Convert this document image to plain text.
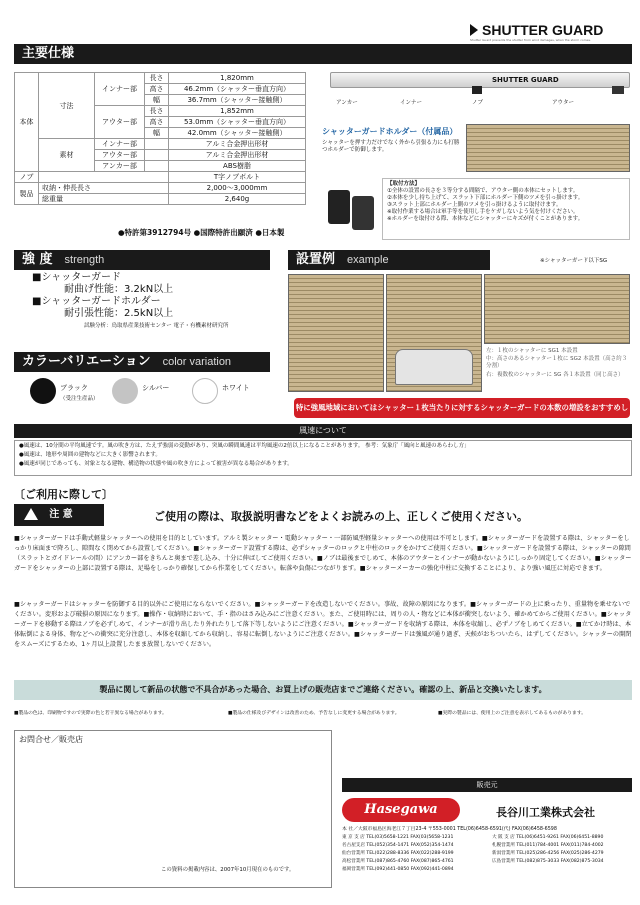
SHUTTER GUARD
Shutter Guard prevents the shutter from wind damages, when the storm comes.
主要仕様
本体	寸法	インナー部	長さ	1,820mm
			高さ	46.2mm（シャッター垂直方向）
			幅	36.7mm（シャッター接触側）
		アウター部	長さ	1,852mm
			高さ	53.0mm（シャッター垂直方向）
			幅	42.0mm（シャッター接触側）
	素材	インナー部		アルミ合金押出形材
		アウター部		アルミ合金押出形材
		アンカー部		ABS樹脂
ノブ				T字ノブボルト
製品	収納・伸長長さ			2,000～3,000mm
	総重量			2,640g
●特許第3912794号 ●国際特許出願済 ●日本製
SHUTTER GUARD
アンカー	インナー	ノブ	アウター
シャッターガードホルダー（付属品）
シャッターを押す力だけでなく外から引張る力にも打勝つホルダーで防御します。
【取付方法】
①全体の設置の長さを３等分する間隔で、アウター側の本体にセットします。
②本体を少し持ち上げて、スラット下部にホルダー下側のツメを引っ掛けます。
③スラット上部にホルダー上側のツメを引っ掛けるように取付けます。
※取付作業する場合は軍手等を使用し手をケガしないよう気を付けください。
※ホルダーを取付ける際、本体などにシャッターにキズが付くことがあります。
強 度 strength
■シャッターガード
耐曲げ性能：3.2kN以上
■シャッターガードホルダー
耐引張性能：2.5kN以上
試験分析：鳥取県産業技術センター 電子・有機素材研究所
カラーバリエーション color variation
ブラック
（受注生産品）
シルバー	ホワイト
設置例 example	※シャッターガード以下SG
左：１枚のシャッターに SG1 本設置
中：高さのあるシャッター１枚に SG2 本設置（高さ約３分割）
右：複数枚のシャッターに SG 各１本設置（同じ高さ）
特に強風地域においてはシャッター１枚当たりに対するシャッターガードの本数の増設をおすすめし
風速について
●風速は、10分間の平均風速です。風の吹き方は、たえず強弱の変動があり、突風の瞬間風速は平均風速の2倍以上になることがあります。 参考：気象庁「風向と風速のあらわし方」
●風速は、地形や周囲の建物などに大きく影響されます。
●風速が同じであっても、対象となる建物、構造物の状態や風の吹き方によって被害が異なる場合があります。
〔ご利用に際して〕
注 意	ご使用の際は、取扱説明書などをよくお読みの上、正しくご使用ください。
■シャッターガードは手動式軽量シャッターへの使用を目的としています。アルミ製シャッター・電動シャッター・一部防風型軽量シャッターへの使用は不可とします。■シャッターガードを設置する際は、シャッターをしっかり床面まで降ろし、隙間なく閉めてから設置してください。■シャッターガード設置する際は、必ずシャッターのロックと中柱のロックをかけてご使用ください。■シャッターガードを設置する際は、シャッターの隙間（スラットとガイドレールの間）にアンカー部をきちんと奥まで差し込み、十分に伸ばしてご使用ください。■ノブは最後までしめて、本体のアウターとインナーが動かないようにしっかり固定してください。■シャッターガードをシャッターの上部に設置する際は、足場をしっかり確保してから作業をしてください。転落や負傷につながります。■シャッターメーカーの強化中柱に交換することにより、より強い風圧に対応できます。
■シャッターガードはシャッターを防御する目的以外にご使用にならないでください。■シャッターガードを改造しないでください。事故、故障の原因になります。■シャッターガードの上に乗ったり、重量物を乗せないでください。変形および破損の原因になります。■操作・収納時において、手・指のはさみ込みにご注意ください。また、ご使用時には、周りの人・物などに本体が衝突しないよう、確かめてからご使用ください。■シャッターガードを移動する際はノブを必ずしめて、インナーが滑り出したり外れたりして落下等しないようにご注意ください。■シャッターガードを収納する際は、本体を収縮し、必ずノブをしめてください。■立てかけ時は、本体転倒による身体、物などへの衝突に充分注意し、本体を収縮してから収納し、容易に転倒しないようにご注意ください。■シャッターガードは強風が通り過ぎ、天候がおちついたら、はずしてください。シャッターの開閉をスムーズにするため、1ヶ月以上設置したまま放置しないでください。
製品に関して新品の状態で不具合があった場合、お買上げの販売店までご連絡ください。確認の上、新品と交換いたします。
■製品の色は、印刷物ですので実際の色と若干異なる場合があります。	■製品の仕様及びデザインは改善のため、予告なしに変更する場合があります。	■実際の製品には、使用上のご注意を表示してあるものがあります。
お問合せ／販売店
この資料の掲載内容は、2007年10月現在のものです。
販売元
Hasegawa	長谷川工業株式会社
本 社／大阪市福島区海老江７丁目23-4 〒553-0001 TEL(06)6458-6591(代) FAX(06)6458-6598
東 京 支 店 TEL(03)5658-1221 FAX(03)5658-1231
名古屋支店 TEL(052)354-1471 FAX(052)354-1474
仙台営業所 TEL(022)288-8336 FAX(022)288-9199
高松営業所 TEL(087)865-4760 FAX(087)865-4761
福岡営業所 TEL(092)441-0850 FAX(092)441-0894
大 阪 支 店 TEL(06)6451-9261 FAX(06)6451-8890
札幌営業所 TEL(011)784-4001 FAX(011)784-4002
新潟営業所 TEL(025)286-4256 FAX(025)286-4279
広島営業所 TEL(082)875-3033 FAX(082)875-3034
